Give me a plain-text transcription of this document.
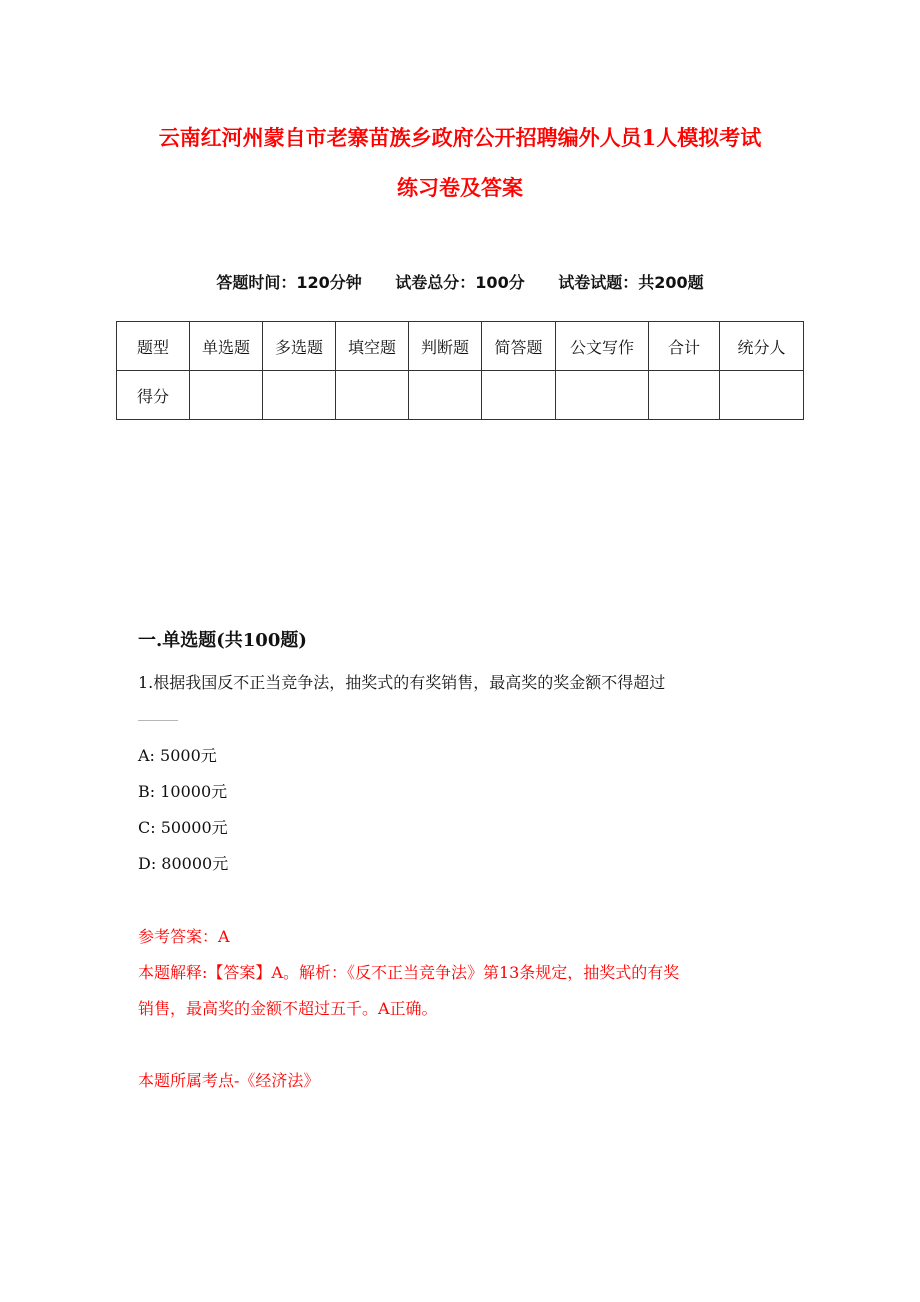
云南红河州蒙自市老寨苗族乡政府公开招聘编外人员1人模拟考试
练习卷及答案
答题时间：120分钟 试卷总分：100分 试卷试题：共200题
题型	单选题	多选题	填空题	判断题	简答题	公文写作	合计	统分人
得分								
一.单选题(共100题)
1.根据我国反不正当竞争法，抽奖式的有奖销售，最高奖的奖金额不得超过
_____
A: 5000元
B: 10000元
C: 50000元
D: 80000元
参考答案：A
本题解释:【答案】A。解析：《反不正当竞争法》第13条规定，抽奖式的有奖
销售，最高奖的金额不超过五千。A正确。
本题所属考点-《经济法》
